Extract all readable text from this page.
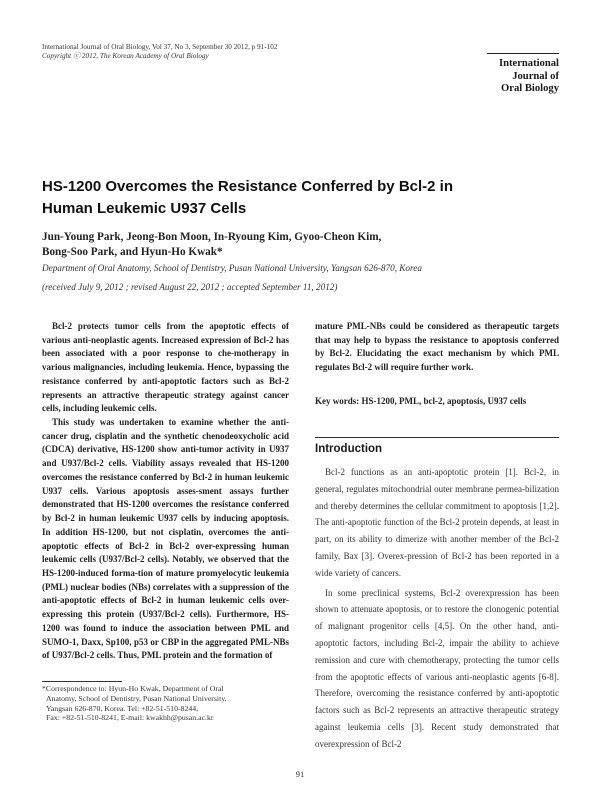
International Journal of Oral Biology, Vol 37, No 3, September 30 2012, p 91-102
Copyright ⓒ 2012, The Korean Academy of Oral Biology
International
Journal of
Oral Biology
HS-1200 Overcomes the Resistance Conferred by Bcl-2 in
Human Leukemic U937 Cells
Jun-Young Park, Jeong-Bon Moon, In-Ryoung Kim, Gyoo-Cheon Kim,
Bong-Soo Park, and Hyun-Ho Kwak*
Department of Oral Anatomy, School of Dentistry, Pusan National University, Yangsan 626-870, Korea
(received July 9, 2012 ; revised August 22, 2012 ; accepted September 11, 2012)

Bcl-2 protects tumor cells from the apoptotic effects of various anti-neoplastic agents. Increased expression of Bcl-2 has been associated with a poor response to che-motherapy in various malignancies, including leukemia. Hence, bypassing the resistance conferred by anti-apoptotic factors such as Bcl-2 represents an attractive therapeutic strategy against cancer cells, including leukemic cells.

This study was undertaken to examine whether the anti-cancer drug, cisplatin and the synthetic chenodeoxycholic acid (CDCA) derivative, HS-1200 show anti-tumor activity in U937 and U937/Bcl-2 cells. Viability assays revealed that HS-1200 overcomes the resistance conferred by Bcl-2 in human leukemic U937 cells. Various apoptosis asses-sment assays further demonstrated that HS-1200 overcomes the resistance conferred by Bcl-2 in human leukemic U937 cells by inducing apoptosis. In addition HS-1200, but not cisplatin, overcomes the anti-apoptotic effects of Bcl-2 in Bcl-2 over-expressing human leukemic cells (U937/Bcl-2 cells). Notably, we observed that the HS-1200-induced forma-tion of mature promyelocytic leukemia (PML) nuclear bodies (NBs) correlates with a suppression of the anti-apoptotic effects of Bcl-2 in human leukemic cells over-expressing this protein (U937/Bcl-2 cells). Furthermore, HS-1200 was found to induce the association between PML and SUMO-1, Daxx, Sp100, p53 or CBP in the aggregated PML-NBs of U937/Bcl-2 cells. Thus, PML protein and the formation of

mature PML-NBs could be considered as therapeutic targets that may help to bypass the resistance to apoptosis conferred by Bcl-2. Elucidating the exact mechanism by which PML regulates Bcl-2 will require further work.

Key words: HS-1200, PML, bcl-2, apoptosis, U937 cells
Introduction

Bcl-2 functions as an anti-apoptotic protein [1]. Bcl-2, in general, regulates mitochondrial outer membrane permea-bilization and thereby determines the cellular commitment to apoptosis [1,2]. The anti-apoptotic function of the Bcl-2 protein depends, at least in part, on its ability to dimerize with another member of the Bcl-2 family, Bax [3]. Overex-pression of Bcl-2 has been reported in a wide variety of cancers.

In some preclinical systems, Bcl-2 overexpression has been shown to attenuate apoptosis, or to restore the clonogenic potential of malignant progenitor cells [4,5]. On the other hand, anti-apoptotic factors, including Bcl-2, impair the ability to achieve remission and cure with chemotherapy, protecting the tumor cells from the apoptotic effects of various anti-neoplastic agents [6-8]. Therefore, overcoming the resistance conferred by anti-apoptotic factors such as Bcl-2 represents an attractive therapeutic strategy against leukemia cells [3]. Recent study demonstrated that overexpression of Bcl-2

*Correspondence to: Hyun-Ho Kwak, Department of Oral
Anatomy, School of Dentistry, Pusan National University,
Yangsan 626-870, Korea. Tel: +82-51-510-8244,
Fax: +82-51-510-8241, E-mail: kwakhh@pusan.ac.kr
91
